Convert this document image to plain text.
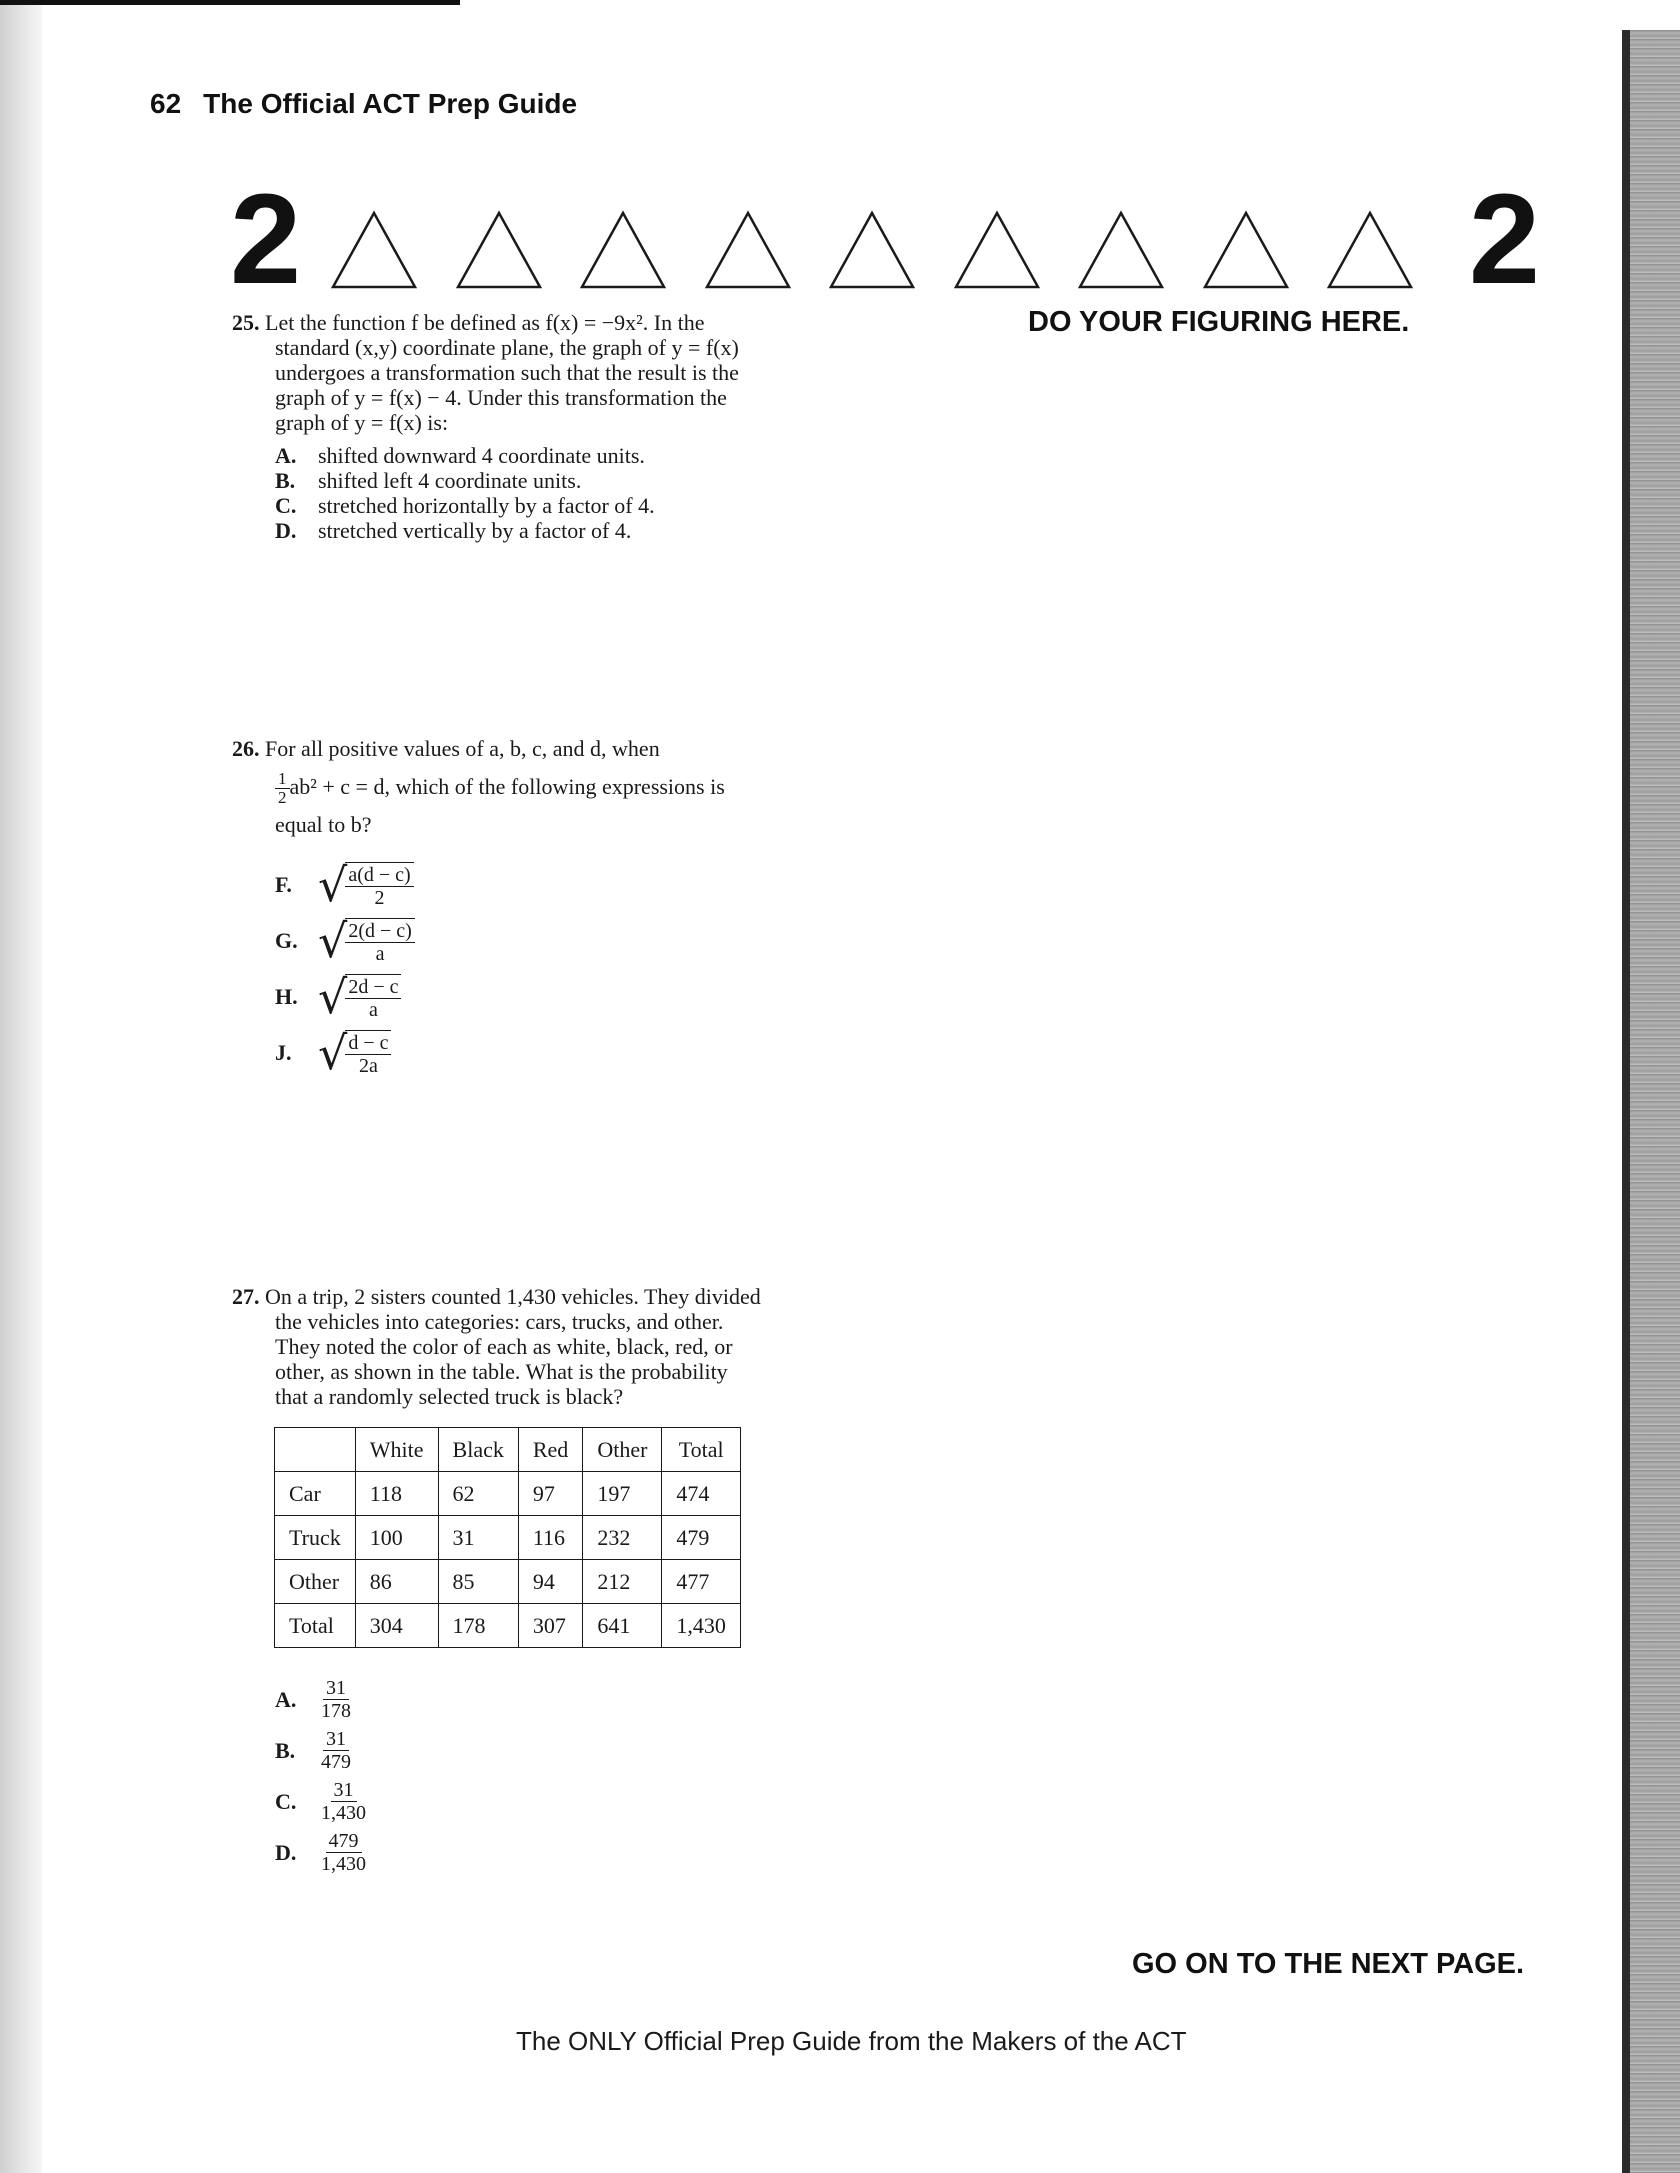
62 The Official ACT Prep Guide
2	2
DO YOUR FIGURING HERE.
25. Let the function f be defined as f(x) = −9x². In the
standard (x,y) coordinate plane, the graph of y = f(x)
undergoes a transformation such that the result is the
graph of y = f(x) − 4. Under this transformation the
graph of y = f(x) is:
A. shifted downward 4 coordinate units.
B.	shifted left 4 coordinate units.
C. stretched horizontally by a factor of 4.
D. stretched vertically by a factor of 4.
26. For all positive values of a, b, c, and d, when
$\frac{1}{2} ab^2 + c = d$, which of the following expressions is
equal to b?
F. √
$\frac{a(d - c)}{2}$
G. √
$\frac{2(d - c)}{a}$
H. √
$\frac{2d - c}{a}$
J. √
$\frac{d - c}{2a}$
27. On a trip, 2 sisters counted 1,430 vehicles. They divided
the vehicles into categories: cars, trucks, and other.
They noted the color of each as white, black, red, or
other, as shown in the table. What is the probability
that a randomly selected truck is black?
	White	Black	Red	Other	Total
Car	118	62	97	197	474
Truck	100	31	116	232	479
Other	86	85	94	212	477
Total	304	178	307	641	1,430
A.	$\frac{31}{178}$
B.	$\frac{31}{479}$
C.	$\frac{31}{1,430}$
D.	$\frac{479}{1,430}$
GO ON TO THE NEXT PAGE.
The ONLY Official Prep Guide from the Makers of the ACT
